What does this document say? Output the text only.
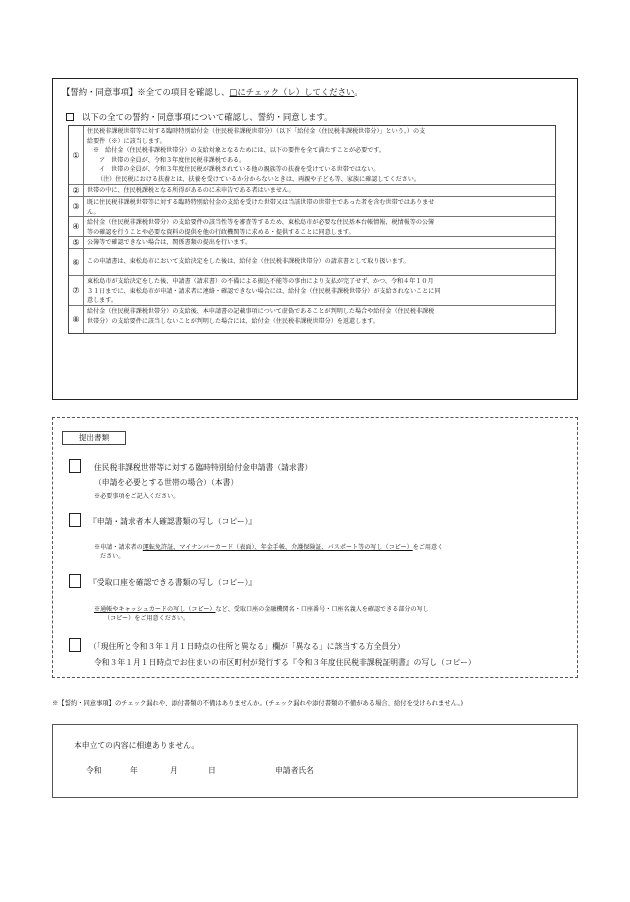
【誓約・同意事項】※全ての項目を確認し、□にチェック（レ）してください。
以下の全ての誓約・同意事項について確認し、誓約・同意します。
①
住民税非課税世帯等に対する臨時特別給付金（住民税非課税世帯分）（以下「給付金（住民税非課税世帯分）」という。）の支
給要件（※）に該当します。
※　給付金（住民税非課税世帯分）の支給対象となるためには、以下の要件を全て満たすことが必要です。
ア　世帯の全員が、令和３年度住民税非課税である。
イ　世帯の全員が、令和３年度住民税が課税されている他の親族等の扶養を受けている世帯ではない。
（注）住民税における扶養とは、扶養を受けているか分からないときは、両親や子ども等、家族に確認してください。
②	世帯の中に、住民税課税となる所得があるのに未申告である者はいません。
③	既に住民税非課税世帯等に対する臨時特別給付金の支給を受けた世帯又は当該世帯の世帯主であった者を含む世帯ではありませ
ん。
④	給付金（住民税非課税世帯分）の支給要件の該当性等を審査等するため、東松島市が必要な住民基本台帳情報、税情報等の公簿
等の確認を行うことや必要な資料の提供を他の行政機関等に求める・提供することに同意します。
⑤	公簿等で確認できない場合は、関係書類の提出を行います。
⑥	この申請書は、東松島市において支給決定をした後は、給付金（住民税非課税世帯分）の請求書として取り扱います。
⑦
東松島市が支給決定をした後、申請書（請求書）の不備による振込不能等の事由により支払が完了せず、かつ、令和４年１０月
３１日までに、東松島市が申請・請求者に連絡・確認できない場合には、給付金（住民税非課税世帯分）が支給されないことに同
意します。
⑧
給付金（住民税非課税世帯分）の支給後、本申請書の記載事項について虚偽であることが判明した場合や給付金（住民税非課税
世帯分）の支給要件に該当しないことが判明した場合には、給付金（住民税非課税世帯分）を返還します。
提出書類
住民税非課税世帯等に対する臨時特別給付金申請書（請求書）
（申請を必要とする世帯の場合）（本書）
※必要事項をご記入ください。
『申請・請求者本人確認書類の写し（コピー）』
※申請・請求者の運転免許証、マイナンバーカード（表面）、年金手帳、介護保険証、パスポート等の写し（コピー）をご用意く
ださい。
『受取口座を確認できる書類の写し（コピー）』
※通帳やキャッシュカードの写し（コピー）など、受取口座の金融機関名・口座番号・口座名義人を確認できる部分の写し
（コピー）をご用意ください。
（「現住所と令和３年１月１日時点の住所と異なる」欄が「異なる」に該当する方全員分）
令和３年１月１日時点でお住まいの市区町村が発行する『令和３年度住民税非課税証明書』の写し（コピー）
※【誓約・同意事項】のチェック漏れや、添付書類の不備はありませんか。(チェック漏れや添付書類の不備がある場合、給付を受けられません。)
本申立ての内容に相違ありません。
令和	年	月	日	申請者氏名
